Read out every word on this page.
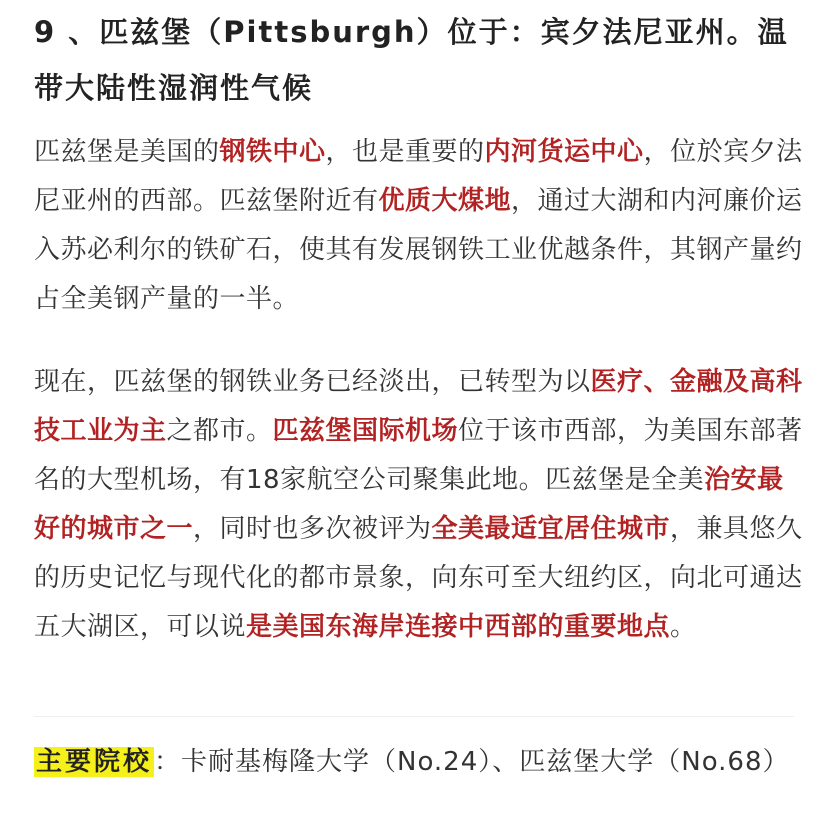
9 、匹兹堡（Pittsburgh）位于：宾夕法尼亚州。温带大陆性湿润性气候
匹兹堡是美国的钢铁中心，也是重要的内河货运中心，位於宾夕法尼亚州的西部。匹兹堡附近有优质大煤地，通过大湖和内河廉价运入苏必利尔的铁矿石，使其有发展钢铁工业优越条件，其钢产量约占全美钢产量的一半。
现在，匹兹堡的钢铁业务已经淡出，已转型为以医疗、金融及高科技工业为主之都市。匹兹堡国际机场位于该市西部，为美国东部著名的大型机场，有18家航空公司聚集此地。匹兹堡是全美治安最好的城市之一，同时也多次被评为全美最适宜居住城市，兼具悠久的历史记忆与现代化的都市景象，向东可至大纽约区，向北可通达五大湖区，可以说是美国东海岸连接中西部的重要地点。
主要院校：卡耐基梅隆大学（No.24）、匹兹堡大学（No.68）
